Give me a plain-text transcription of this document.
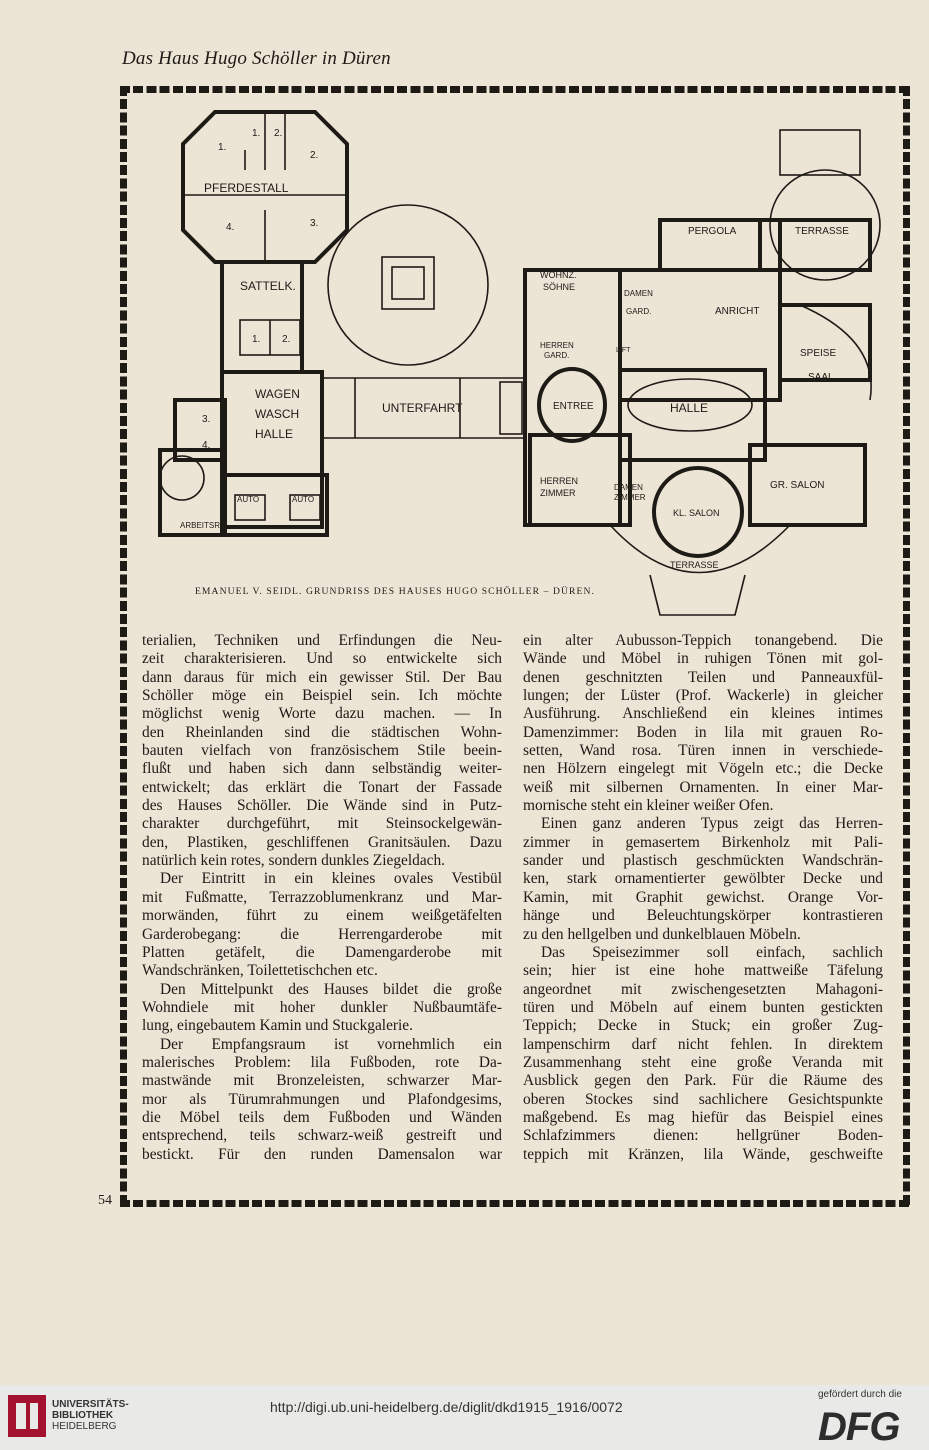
Das Haus Hugo Schöller in Düren
1.
1. 2.
2.
PFERDESTALL
3.
4.
SATTELK.
1. 2.
WAGEN
WASCH
HALLE
3.
4.
AUTO	AUTO
ARBEITSR.
UNTERFAHRT
WOHNZ.
SÖHNE
HERREN
GARD.
DAMEN
GARD.
LIFT
ANRICHT
PERGOLA	TERRASSE
SPEISE
SAAL
ENTREE	HALLE
HERREN
ZIMMER
DAMEN
ZIMMER
KL. SALON
GR. SALON
TERRASSE
EMANUEL V. SEIDL. GRUNDRISS DES HAUSES HUGO SCHÖLLER – DÜREN.

terialien, Techniken und Erfindungen die Neu-

zeit charakterisieren. Und so entwickelte sich

dann daraus für mich ein gewisser Stil. Der Bau

Schöller möge ein Beispiel sein. Ich möchte

möglichst wenig Worte dazu machen. — In

den Rheinlanden sind die städtischen Wohn-

bauten vielfach von französischem Stile beein-

flußt und haben sich dann selbständig weiter-

entwickelt; das erklärt die Tonart der Fassade

des Hauses Schöller. Die Wände sind in Putz-

charakter durchgeführt, mit Steinsockelgewän-

den, Plastiken, geschliffenen Granitsäulen. Dazu

natürlich kein rotes, sondern dunkles Ziegeldach.

Der Eintritt in ein kleines ovales Vestibül

mit Fußmatte, Terrazzoblumenkranz und Mar-

morwänden, führt zu einem weißgetäfelten

Garderobegang: die Herrengarderobe mit

Platten getäfelt, die Damengarderobe mit

Wandschränken, Toilettetischchen etc.

Den Mittelpunkt des Hauses bildet die große

Wohndiele mit hoher dunkler Nußbaumtäfe-

lung, eingebautem Kamin und Stuckgalerie.

Der Empfangsraum ist vornehmlich ein

malerisches Problem: lila Fußboden, rote Da-

mastwände mit Bronzeleisten, schwarzer Mar-

mor als Türumrahmungen und Plafondgesims,

die Möbel teils dem Fußboden und Wänden

entsprechend, teils schwarz-weiß gestreift und

bestickt. Für den runden Damensalon war

ein alter Aubusson-Teppich tonangebend. Die

Wände und Möbel in ruhigen Tönen mit gol-

denen geschnitzten Teilen und Panneauxfül-

lungen; der Lüster (Prof. Wackerle) in gleicher

Ausführung. Anschließend ein kleines intimes

Damenzimmer: Boden in lila mit grauen Ro-

setten, Wand rosa. Türen innen in verschiede-

nen Hölzern eingelegt mit Vögeln etc.; die Decke

weiß mit silbernen Ornamenten. In einer Mar-

mornische steht ein kleiner weißer Ofen.

Einen ganz anderen Typus zeigt das Herren-

zimmer in gemasertem Birkenholz mit Pali-

sander und plastisch geschmückten Wandschrän-

ken, stark ornamentierter gewölbter Decke und

Kamin, mit Graphit gewichst. Orange Vor-

hänge und Beleuchtungskörper kontrastieren

zu den hellgelben und dunkelblauen Möbeln.

Das Speisezimmer soll einfach, sachlich

sein; hier ist eine hohe mattweiße Täfelung

angeordnet mit zwischengesetzten Mahagoni-

türen und Möbeln auf einem bunten gestickten

Teppich; Decke in Stuck; ein großer Zug-

lampenschirm darf nicht fehlen. In direktem

Zusammenhang steht eine große Veranda mit

Ausblick gegen den Park. Für die Räume des

oberen Stockes sind sachlichere Gesichtspunkte

maßgebend. Es mag hiefür das Beispiel eines

Schlafzimmers dienen: hellgrüner Boden-

teppich mit Kränzen, lila Wände, geschweifte

54
UNIVERSITÄTS-
BIBLIOTHEK
HEIDELBERG
http://digi.ub.uni-heidelberg.de/diglit/dkd1915_1916/0072
gefördert durch die
DFG
